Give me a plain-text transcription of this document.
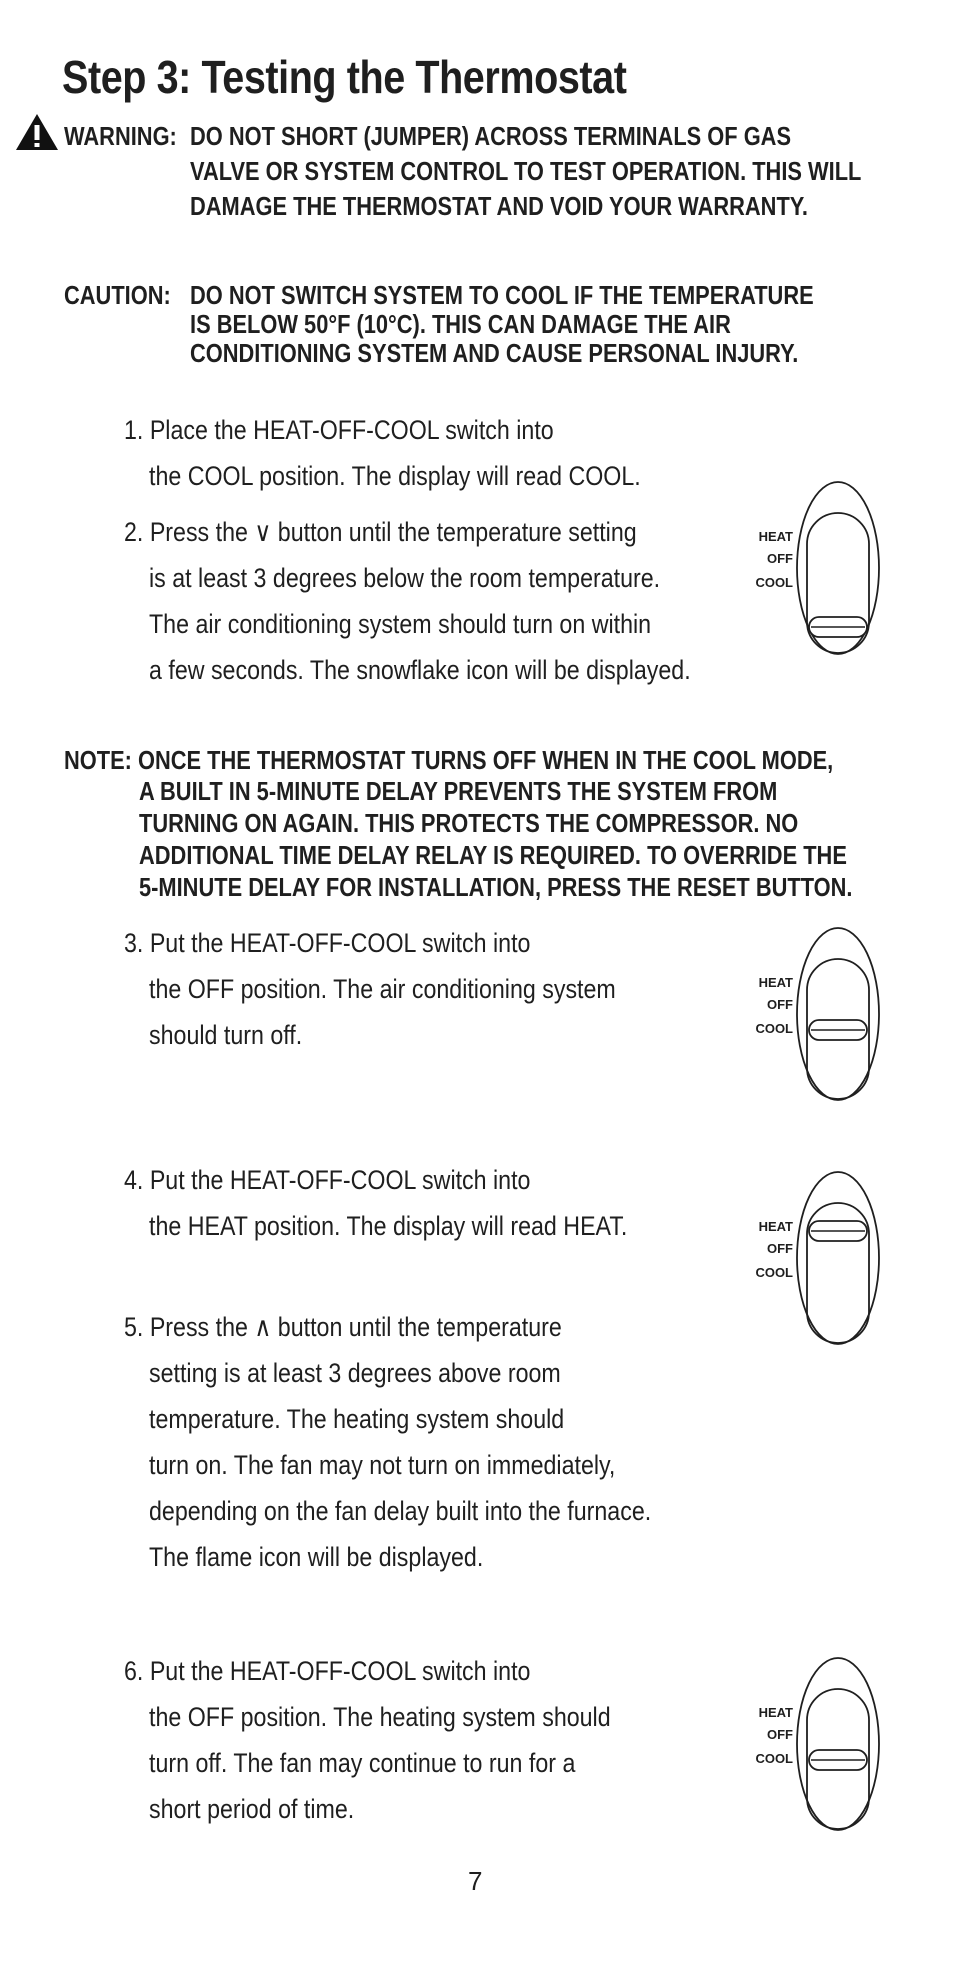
Step 3: Testing the Thermostat
WARNING: DO NOT SHORT (JUMPER) ACROSS TERMINALS OF GAS
VALVE OR SYSTEM CONTROL TO TEST OPERATION. THIS WILL
DAMAGE THE THERMOSTAT AND VOID YOUR WARRANTY.
CAUTION: DO NOT SWITCH SYSTEM TO COOL IF THE TEMPERATURE
IS BELOW 50°F (10°C). THIS CAN DAMAGE THE AIR
CONDITIONING SYSTEM AND CAUSE PERSONAL INJURY.
1. Place the HEAT-OFF-COOL switch into
the COOL position. The display will read COOL.
2. Press the ∨ button until the temperature setting
is at least 3 degrees below the room temperature.
The air conditioning system should turn on within
a few seconds. The snowflake icon will be displayed.
NOTE: ONCE THE THERMOSTAT TURNS OFF WHEN IN THE COOL MODE,
A BUILT IN 5-MINUTE DELAY PREVENTS THE SYSTEM FROM
TURNING ON AGAIN. THIS PROTECTS THE COMPRESSOR. NO
ADDITIONAL TIME DELAY RELAY IS REQUIRED. TO OVERRIDE THE
5-MINUTE DELAY FOR INSTALLATION, PRESS THE RESET BUTTON.
3. Put the HEAT-OFF-COOL switch into
the OFF position. The air conditioning system
should turn off.
4. Put the HEAT-OFF-COOL switch into
the HEAT position. The display will read HEAT.
5. Press the ∧ button until the temperature
setting is at least 3 degrees above room
temperature. The heating system should
turn on. The fan may not turn on immediately,
depending on the fan delay built into the furnace.
The flame icon will be displayed.
6. Put the HEAT-OFF-COOL switch into
the OFF position. The heating system should
turn off. The fan may continue to run for a
short period of time.
HEAT
OFF
COOL
HEAT
OFF
COOL
HEAT
OFF
COOL
HEAT
OFF
COOL
7
